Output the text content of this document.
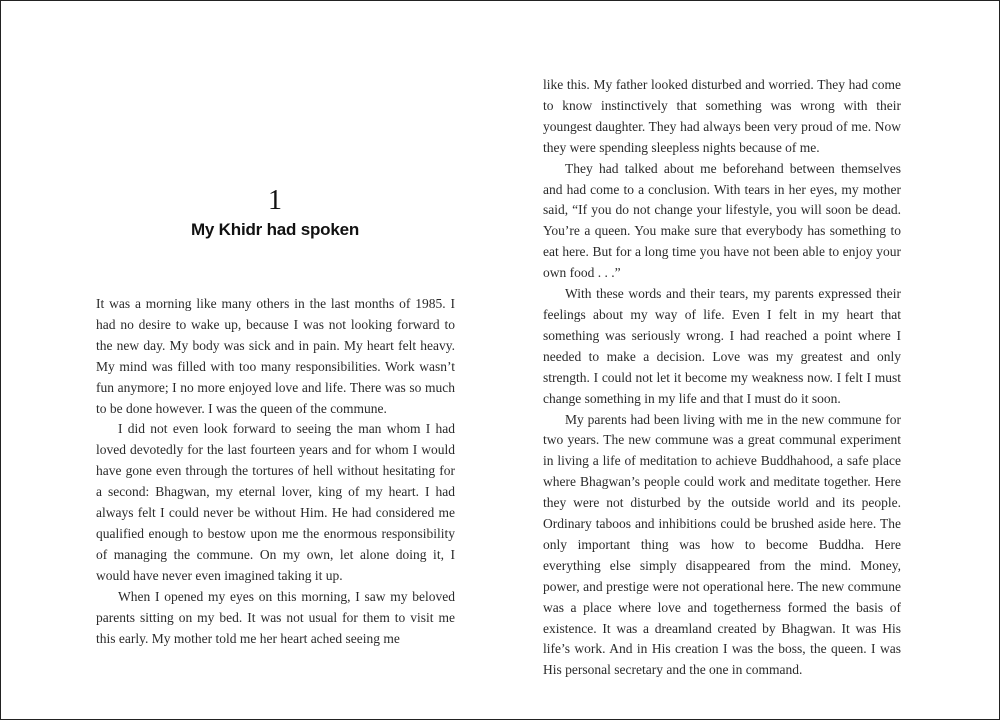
1
My Khidr had spoken

It was a morning like many others in the last months of 1985. I had no desire to wake up, because I was not looking forward to the new day. My body was sick and in pain. My heart felt heavy. My mind was filled with too many responsibilities. Work wasn’t fun anymore; I no more enjoyed love and life. There was so much to be done however. I was the queen of the commune.

I did not even look forward to seeing the man whom I had loved devotedly for the last fourteen years and for whom I would have gone even through the tortures of hell without hesitating for a second: Bhagwan, my eternal lover, king of my heart. I had always felt I could never be without Him. He had considered me qualified enough to bestow upon me the enormous responsibility of managing the commune. On my own, let alone doing it, I would have never even imagined taking it up.

When I opened my eyes on this morning, I saw my beloved parents sitting on my bed. It was not usual for them to visit me this early. My mother told me her heart ached seeing me

like this. My father looked disturbed and worried. They had come to know instinctively that something was wrong with their youngest daughter. They had always been very proud of me. Now they were spending sleepless nights because of me.

They had talked about me beforehand between themselves and had come to a conclusion. With tears in her eyes, my mother said, “If you do not change your lifestyle, you will soon be dead. You’re a queen. You make sure that everybody has something to eat here. But for a long time you have not been able to enjoy your own food . . .”

With these words and their tears, my parents expressed their feelings about my way of life. Even I felt in my heart that something was seriously wrong. I had reached a point where I needed to make a decision. Love was my greatest and only strength. I could not let it become my weakness now. I felt I must change something in my life and that I must do it soon.

My parents had been living with me in the new commune for two years. The new commune was a great communal experiment in living a life of meditation to achieve Buddhahood, a safe place where Bhagwan’s people could work and meditate together. Here they were not disturbed by the outside world and its people. Ordinary taboos and inhibitions could be brushed aside here. The only important thing was how to become Buddha. Here everything else simply disappeared from the mind. Money, power, and prestige were not operational here. The new commune was a place where love and togetherness formed the basis of existence. It was a dreamland created by Bhagwan. It was His life’s work. And in His creation I was the boss, the queen. I was His personal secretary and the one in command.
